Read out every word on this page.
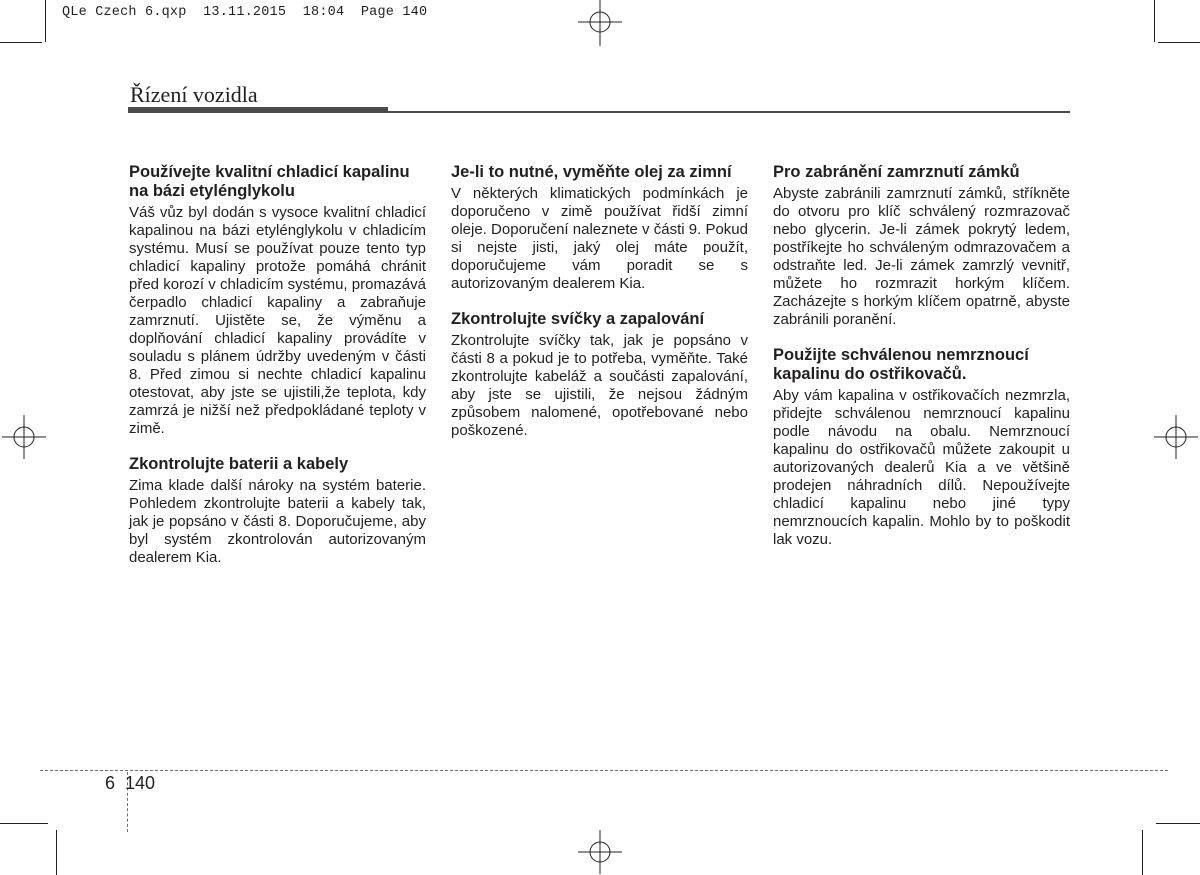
QLe Czech 6.qxp  13.11.2015  18:04  Page 140
Řízení vozidla
Používejte kvalitní chladicí kapalinu na bázi etylénglykolu

Váš vůz byl dodán s vysoce kvalitní chladicí kapalinou na bázi etylénglykolu v chladicím systému. Musí se používat pouze tento typ chladicí kapaliny protože pomáhá chránit před korozí v chladicím systému, promazává čerpadlo chladicí kapaliny a zabraňuje zamrznutí. Ujistěte se, že výměnu a doplňování chladicí kapaliny provádíte v souladu s plánem údržby uvedeným v části 8. Před zimou si nechte chladicí kapalinu otestovat, aby jste se ujistili,že teplota, kdy zamrzá je nižší než předpokládané teploty v zimě.

Zkontrolujte baterii a kabely

Zima klade další nároky na systém baterie. Pohledem zkontrolujte baterii a kabely tak, jak je popsáno v části 8. Doporučujeme, aby byl systém zkontrolován autorizovaným dealerem Kia.

Je-li to nutné, vyměňte olej za zimní

V některých klimatických podmínkách je doporučeno v zimě používat řidší zimní oleje. Doporučení naleznete v části 9. Pokud si nejste jisti, jaký olej máte použít, doporučujeme vám poradit se s autorizovaným dealerem Kia.

Zkontrolujte svíčky a zapalování

Zkontrolujte svíčky tak, jak je popsáno v části 8 a pokud je to potřeba, vyměňte. Také zkontrolujte kabeláž a součásti zapalování, aby jste se ujistili, že nejsou žádným způsobem nalomené, opotřebované nebo poškozené.

Pro zabránění zamrznutí zámků

Abyste zabránili zamrznutí zámků, stříkněte do otvoru pro klíč schválený rozmrazovač nebo glycerin. Je-li zámek pokrytý ledem, postříkejte ho schváleným odmrazovačem a odstraňte led. Je-li zámek zamrzlý vevnitř, můžete ho rozmrazit horkým klíčem. Zacházejte s horkým klíčem opatrně, abyste zabránili poranění.

Použijte schválenou nemrznoucí kapalinu do ostřikovačů.

Aby vám kapalina v ostřikovačích nezmrzla, přidejte schválenou nemrznoucí kapalinu podle návodu na obalu. Nemrznoucí kapalinu do ostřikovačů můžete zakoupit u autorizovaných dealerů Kia a ve většině prodejen náhradních dílů. Nepoužívejte chladicí kapalinu nebo jiné typy nemrznoucích kapalin. Mohlo by to poškodit lak vozu.

6 140
